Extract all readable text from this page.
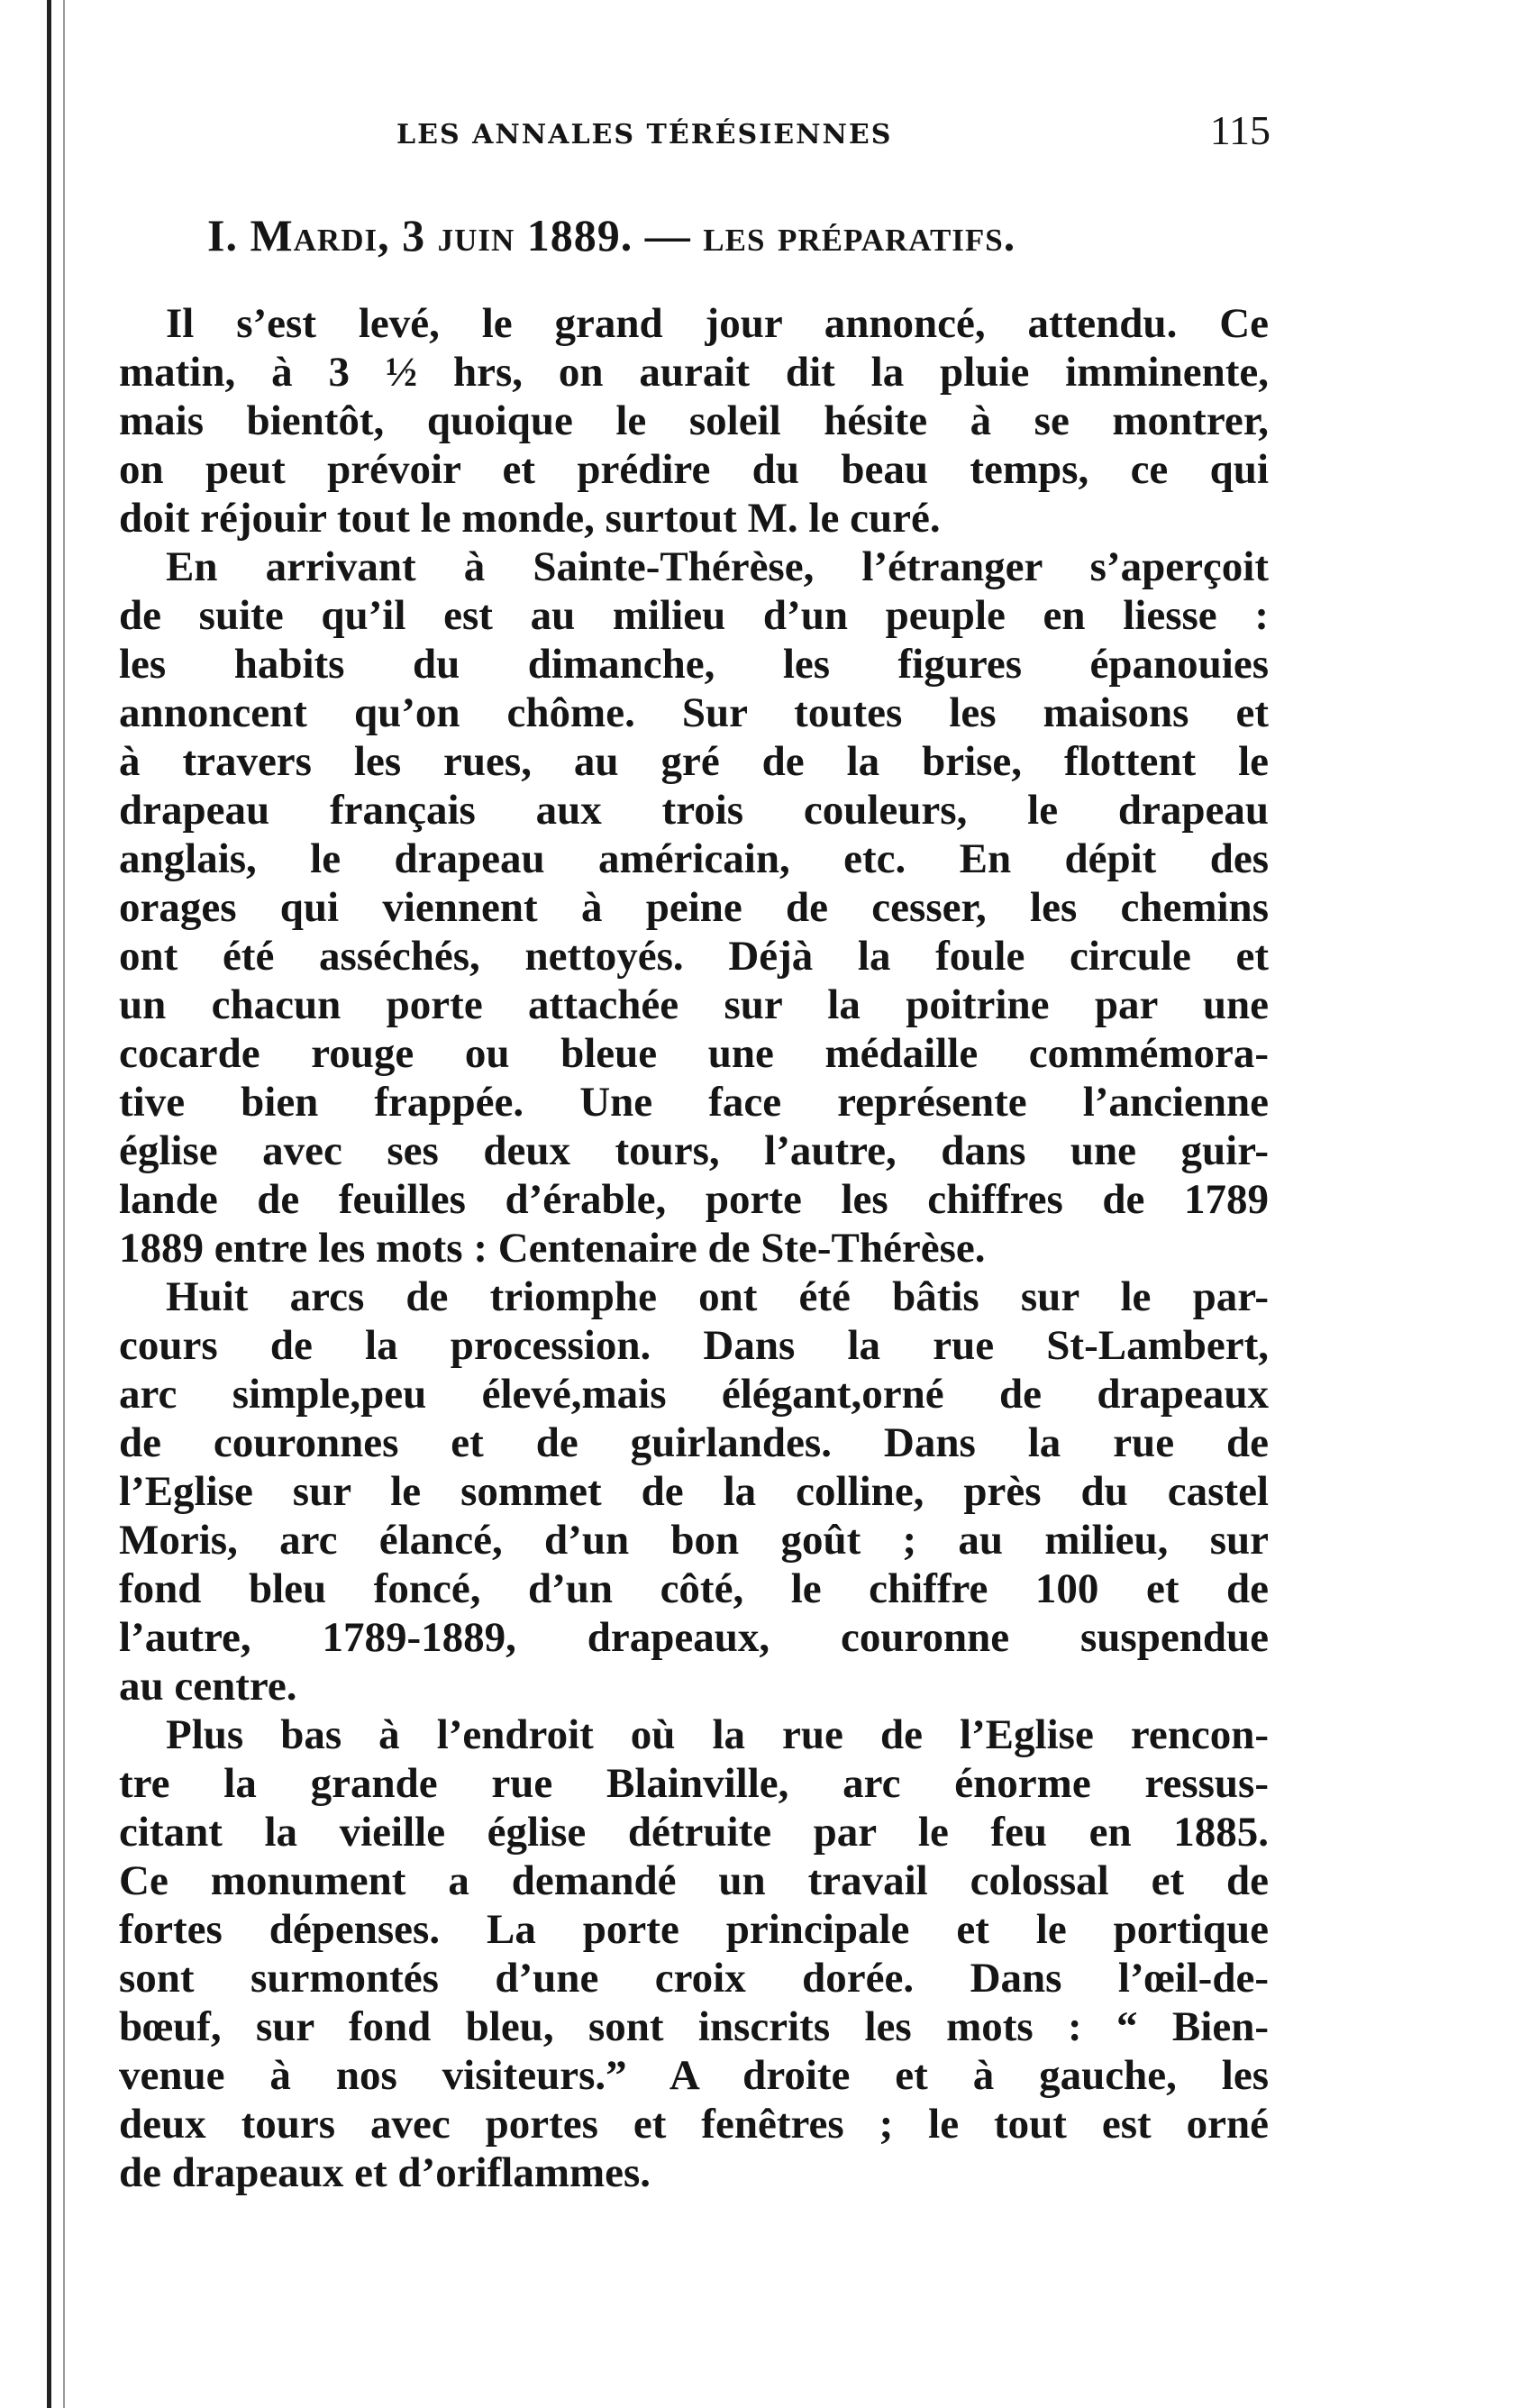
LES ANNALES TÉRÉSIENNES	115
I. Mardi, 3 juin 1889. — les préparatifs.
Il s’est levé, le grand jour annoncé, attendu. Ce
matin, à 3 ½ hrs, on aurait dit la pluie imminente,
mais bientôt, quoique le soleil hésite à se montrer,
on peut prévoir et prédire du beau temps, ce qui
doit réjouir tout le monde, surtout M. le curé.
En arrivant à Sainte-Thérèse, l’étranger s’aperçoit
de suite qu’il est au milieu d’un peuple en liesse :
les habits du dimanche, les figures épanouies
annoncent qu’on chôme. Sur toutes les maisons et
à travers les rues, au gré de la brise, flottent le
drapeau français aux trois couleurs, le drapeau
anglais, le drapeau américain, etc. En dépit des
orages qui viennent à peine de cesser, les chemins
ont été asséchés, nettoyés. Déjà la foule circule et
un chacun porte attachée sur la poitrine par une
cocarde rouge ou bleue une médaille commémora-
tive bien frappée. Une face représente l’ancienne
église avec ses deux tours, l’autre, dans une guir-
lande de feuilles d’érable, porte les chiffres de 1789
1889 entre les mots : Centenaire de Ste-Thérèse.
Huit arcs de triomphe ont été bâtis sur le par-
cours de la procession. Dans la rue St-Lambert,
arc simple,peu élevé,mais élégant,orné de drapeaux
de couronnes et de guirlandes. Dans la rue de
l’Eglise sur le sommet de la colline, près du castel
Moris, arc élancé, d’un bon goût ; au milieu, sur
fond bleu foncé, d’un côté, le chiffre 100 et de
l’autre, 1789-1889, drapeaux, couronne suspendue
au centre.
Plus bas à l’endroit où la rue de l’Eglise rencon-
tre la grande rue Blainville, arc énorme ressus-
citant la vieille église détruite par le feu en 1885.
Ce monument a demandé un travail colossal et de
fortes dépenses. La porte principale et le portique
sont surmontés d’une croix dorée. Dans l’œil-de-
bœuf, sur fond bleu, sont inscrits les mots : “ Bien-
venue à nos visiteurs.” A droite et à gauche, les
deux tours avec portes et fenêtres ; le tout est orné
de drapeaux et d’oriflammes.
